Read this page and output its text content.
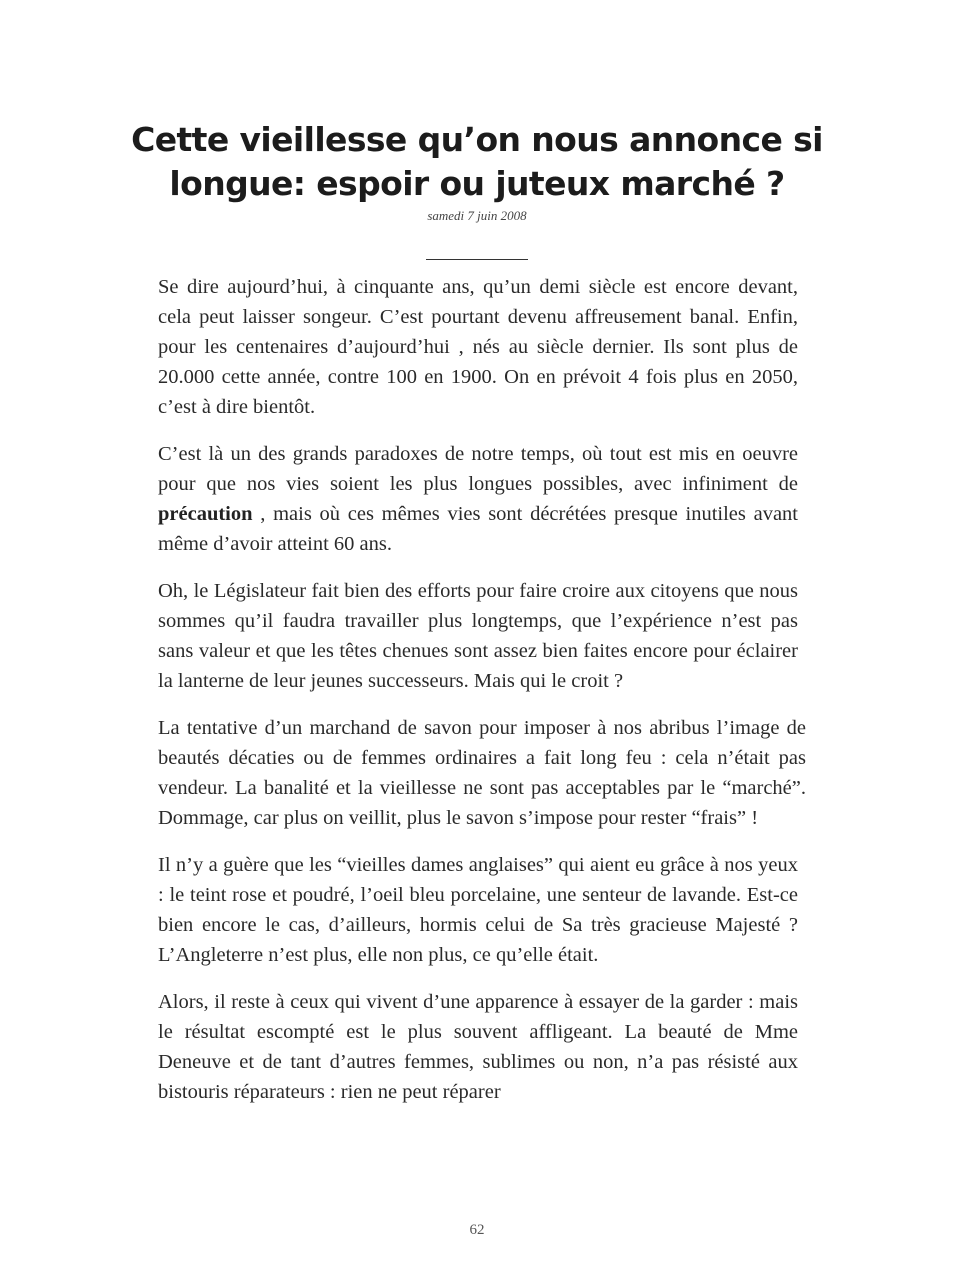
Cette vieillesse qu’on nous annonce si longue: espoir ou juteux marché ?
samedi 7 juin 2008

Se dire aujourd’hui, à cinquante ans, qu’un demi siècle est encore devant, cela peut laisser songeur. C’est pourtant devenu affreusement banal. Enfin, pour les centenaires d’aujourd’hui , nés au siècle dernier. Ils sont plus de 20.000 cette année, contre 100 en 1900. On en prévoit 4 fois plus en 2050, c’est à dire bientôt.

C’est là un des grands paradoxes de notre temps, où tout est mis en oeuvre pour que nos vies soient les plus longues possibles, avec infiniment de précaution , mais où ces mêmes vies sont décrétées presque inutiles avant même d’avoir atteint 60 ans.

Oh, le Législateur fait bien des efforts pour faire croire aux citoyens que nous sommes qu’il faudra travailler plus longtemps, que l’expérience n’est pas sans valeur et que les têtes chenues sont assez bien faites encore pour éclairer la lanterne de leur jeunes successeurs. Mais qui le croit ?

La tentative d’un marchand de savon pour imposer à nos abribus l’image de beautés décaties ou de femmes ordinaires a fait long feu : cela n’était pas vendeur. La banalité et la vieillesse ne sont pas acceptables par le “marché”. Dommage, car plus on veillit, plus le savon s’impose pour rester “frais” !

Il n’y a guère que les “vieilles dames anglaises” qui aient eu grâce à nos yeux : le teint rose et poudré, l’oeil bleu porcelaine, une senteur de lavande. Est-ce bien encore le cas, d’ailleurs, hormis celui de Sa très gracieuse Majesté ? L’Angleterre n’est plus, elle non plus, ce qu’elle était.

Alors, il reste à ceux qui vivent d’une apparence à essayer de la garder : mais le résultat escompté est le plus souvent affligeant. La beauté de Mme Deneuve et de tant d’autres femmes, sublimes ou non, n’a pas résisté aux bistouris réparateurs : rien ne peut réparer

62
